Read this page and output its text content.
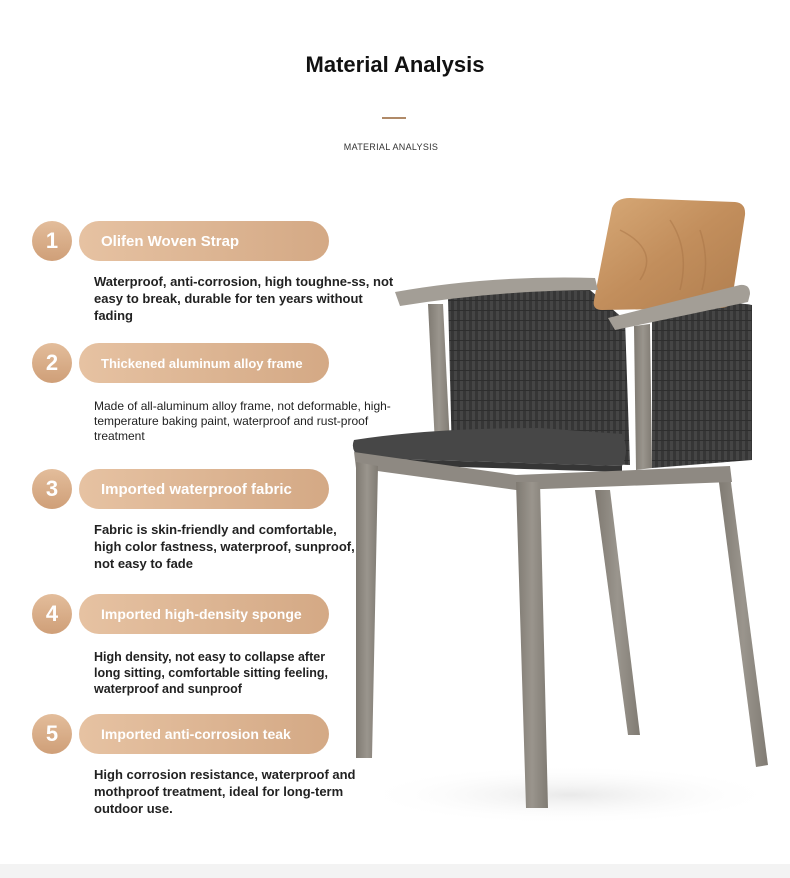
Material Analysis
MATERIAL ANALYSIS
1	Olifen Woven Strap
Waterproof, anti-corrosion, high toughne-ss, not easy to break, durable for ten years without fading
2	Thickened aluminum alloy frame
Made of all-aluminum alloy frame, not deformable, high-temperature baking paint, waterproof and rust-proof treatment
3	Imported waterproof fabric
Fabric is skin-friendly and comfortable, high color fastness, waterproof, sunproof, not easy to fade
4	Imported high-density sponge
High density, not easy to collapse after long sitting, comfortable sitting feeling, waterproof and sunproof
5	Imported anti-corrosion teak
High corrosion resistance, waterproof and mothproof treatment, ideal for long-term outdoor use.
